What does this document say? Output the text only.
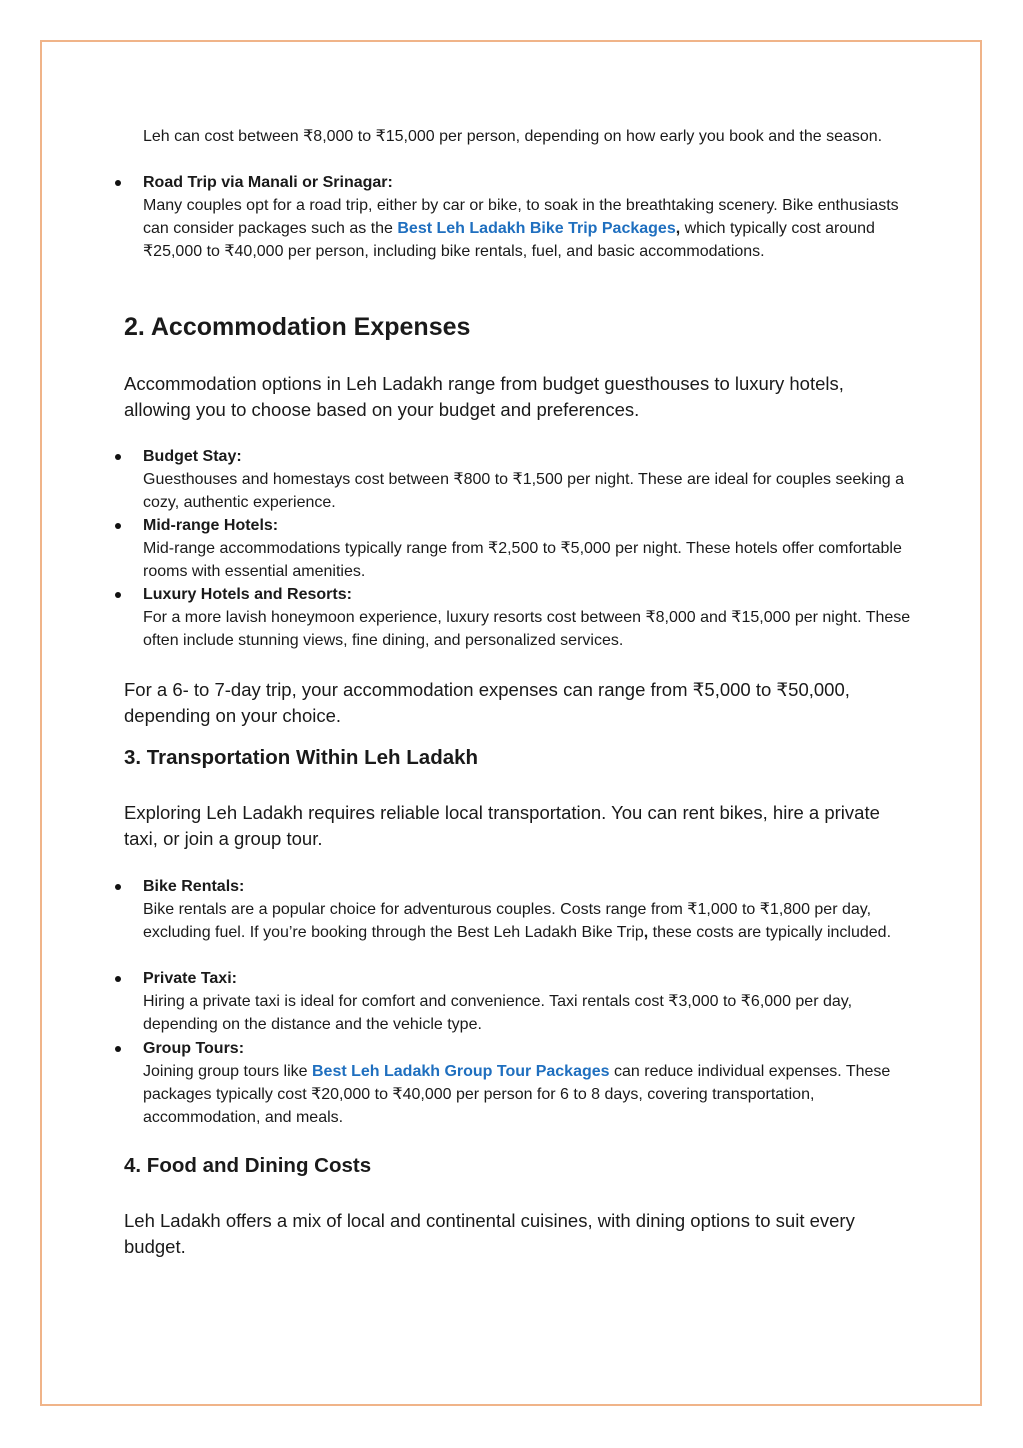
Leh can cost between ₹8,000 to ₹15,000 per person, depending on how early you book and the season.
Road Trip via Manali or Srinagar:
Many couples opt for a road trip, either by car or bike, to soak in the breathtaking scenery. Bike enthusiasts can consider packages such as the Best Leh Ladakh Bike Trip Packages, which typically cost around ₹25,000 to ₹40,000 per person, including bike rentals, fuel, and basic accommodations.
2. Accommodation Expenses
Accommodation options in Leh Ladakh range from budget guesthouses to luxury hotels, allowing you to choose based on your budget and preferences.
Budget Stay:
Guesthouses and homestays cost between ₹800 to ₹1,500 per night. These are ideal for couples seeking a cozy, authentic experience.
Mid-range Hotels:
Mid-range accommodations typically range from ₹2,500 to ₹5,000 per night. These hotels offer comfortable rooms with essential amenities.
Luxury Hotels and Resorts:
For a more lavish honeymoon experience, luxury resorts cost between ₹8,000 and ₹15,000 per night. These often include stunning views, fine dining, and personalized services.
For a 6- to 7-day trip, your accommodation expenses can range from ₹5,000 to ₹50,000, depending on your choice.
3. Transportation Within Leh Ladakh
Exploring Leh Ladakh requires reliable local transportation. You can rent bikes, hire a private taxi, or join a group tour.
Bike Rentals:
Bike rentals are a popular choice for adventurous couples. Costs range from ₹1,000 to ₹1,800 per day, excluding fuel. If you’re booking through the Best Leh Ladakh Bike Trip, these costs are typically included.
Private Taxi:
Hiring a private taxi is ideal for comfort and convenience. Taxi rentals cost ₹3,000 to ₹6,000 per day, depending on the distance and the vehicle type.
Group Tours:
Joining group tours like Best Leh Ladakh Group Tour Packages can reduce individual expenses. These packages typically cost ₹20,000 to ₹40,000 per person for 6 to 8 days, covering transportation, accommodation, and meals.
4. Food and Dining Costs
Leh Ladakh offers a mix of local and continental cuisines, with dining options to suit every budget.
